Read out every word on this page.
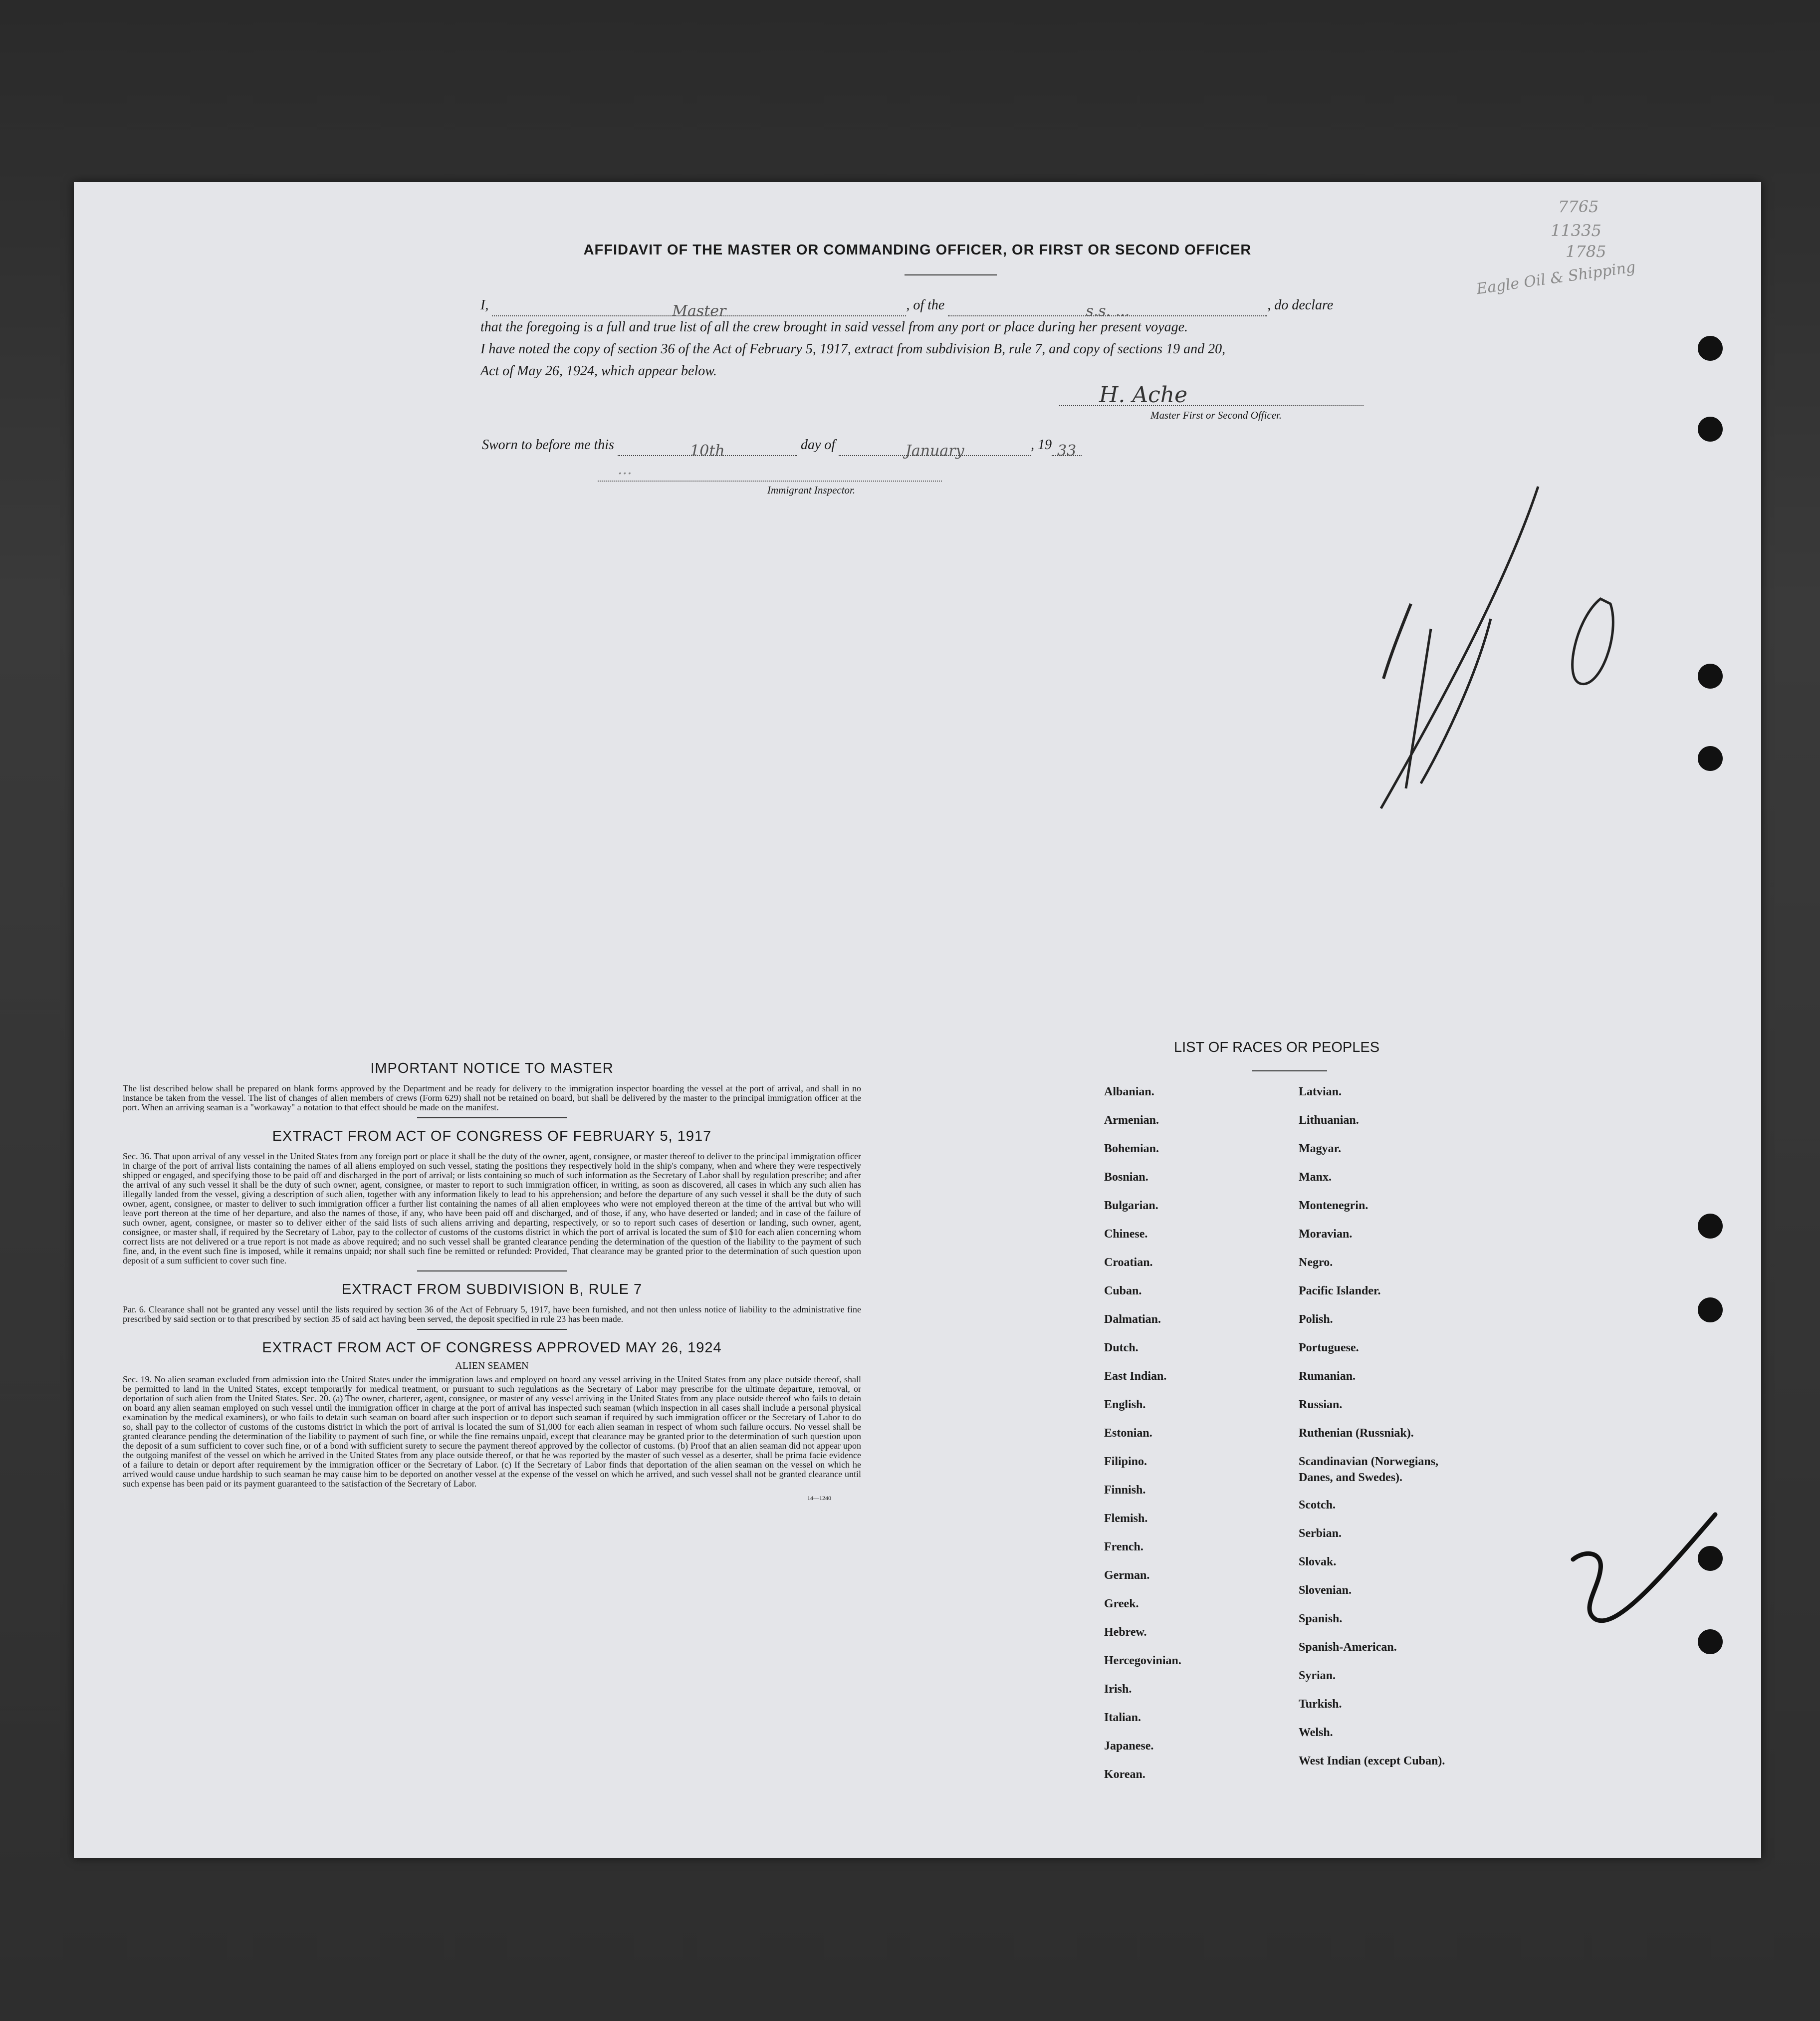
7765
11335
1785
Eagle Oil & Shipping
AFFIDAVIT OF THE MASTER OR COMMANDING OFFICER, OR FIRST OR SECOND OFFICER

I,	Master	, of the	s.s. ...	, do declare

that the foregoing is a full and true list of all the crew brought in said vessel from any port or place during her present voyage.

I have noted the copy of section 36 of the Act of February 5, 1917, extract from subdivision B, rule 7, and copy of sections 19 and 20,

Act of May 26, 1924, which appear below.

H. Ache
Master First or Second Officer.
Sworn to before me this	10th	day of	January	, 19 33
...
Immigrant Inspector.
IMPORTANT NOTICE TO MASTER

The list described below shall be prepared on blank forms approved by the Department and be ready for delivery to the immigration inspector boarding the vessel at the port of arrival, and shall in no instance be taken from the vessel. The list of changes of alien members of crews (Form 629) shall not be retained on board, but shall be delivered by the master to the principal immigration officer at the port. When an arriving seaman is a "workaway" a notation to that effect should be made on the manifest.

EXTRACT FROM ACT OF CONGRESS OF FEBRUARY 5, 1917

Sec. 36. That upon arrival of any vessel in the United States from any foreign port or place it shall be the duty of the owner, agent, consignee, or master thereof to deliver to the principal immigration officer in charge of the port of arrival lists containing the names of all aliens employed on such vessel, stating the positions they respectively hold in the ship's company, when and where they were respectively shipped or engaged, and specifying those to be paid off and discharged in the port of arrival; or lists containing so much of such information as the Secretary of Labor shall by regulation prescribe; and after the arrival of any such vessel it shall be the duty of such owner, agent, consignee, or master to report to such immigration officer, in writing, as soon as discovered, all cases in which any such alien has illegally landed from the vessel, giving a description of such alien, together with any information likely to lead to his apprehension; and before the departure of any such vessel it shall be the duty of such owner, agent, consignee, or master to deliver to such immigration officer a further list containing the names of all alien employees who were not employed thereon at the time of the arrival but who will leave port thereon at the time of her departure, and also the names of those, if any, who have been paid off and discharged, and of those, if any, who have deserted or landed; and in case of the failure of such owner, agent, consignee, or master so to deliver either of the said lists of such aliens arriving and departing, respectively, or so to report such cases of desertion or landing, such owner, agent, consignee, or master shall, if required by the Secretary of Labor, pay to the collector of customs of the customs district in which the port of arrival is located the sum of $10 for each alien concerning whom correct lists are not delivered or a true report is not made as above required; and no such vessel shall be granted clearance pending the determination of the question of the liability to the payment of such fine, and, in the event such fine is imposed, while it remains unpaid; nor shall such fine be remitted or refunded: Provided, That clearance may be granted prior to the determination of such question upon deposit of a sum sufficient to cover such fine.

EXTRACT FROM SUBDIVISION B, RULE 7

Par. 6. Clearance shall not be granted any vessel until the lists required by section 36 of the Act of February 5, 1917, have been furnished, and not then unless notice of liability to the administrative fine prescribed by said section or to that prescribed by section 35 of said act having been served, the deposit specified in rule 23 has been made.

EXTRACT FROM ACT OF CONGRESS APPROVED MAY 26, 1924
ALIEN SEAMEN

Sec. 19. No alien seaman excluded from admission into the United States under the immigration laws and employed on board any vessel arriving in the United States from any place outside thereof, shall be permitted to land in the United States, except temporarily for medical treatment, or pursuant to such regulations as the Secretary of Labor may prescribe for the ultimate departure, removal, or deportation of such alien from the United States. Sec. 20. (a) The owner, charterer, agent, consignee, or master of any vessel arriving in the United States from any place outside thereof who fails to detain on board any alien seaman employed on such vessel until the immigration officer in charge at the port of arrival has inspected such seaman (which inspection in all cases shall include a personal physical examination by the medical examiners), or who fails to detain such seaman on board after such inspection or to deport such seaman if required by such immigration officer or the Secretary of Labor to do so, shall pay to the collector of customs of the customs district in which the port of arrival is located the sum of $1,000 for each alien seaman in respect of whom such failure occurs. No vessel shall be granted clearance pending the determination of the liability to payment of such fine, or while the fine remains unpaid, except that clearance may be granted prior to the determination of such question upon the deposit of a sum sufficient to cover such fine, or of a bond with sufficient surety to secure the payment thereof approved by the collector of customs. (b) Proof that an alien seaman did not appear upon the outgoing manifest of the vessel on which he arrived in the United States from any place outside thereof, or that he was reported by the master of such vessel as a deserter, shall be prima facie evidence of a failure to detain or deport after requirement by the immigration officer or the Secretary of Labor. (c) If the Secretary of Labor finds that deportation of the alien seaman on the vessel on which he arrived would cause undue hardship to such seaman he may cause him to be deported on another vessel at the expense of the vessel on which he arrived, and such vessel shall not be granted clearance until such expense has been paid or its payment guaranteed to the satisfaction of the Secretary of Labor.

14—1240
LIST OF RACES OR PEOPLES
Albanian.
Armenian.
Bohemian.
Bosnian.
Bulgarian.
Chinese.
Croatian.
Cuban.
Dalmatian.
Dutch.
East Indian.
English.
Estonian.
Filipino.
Finnish.
Flemish.
French.
German.
Greek.
Hebrew.
Hercegovinian.
Irish.
Italian.
Japanese.
Korean.
Latvian.
Lithuanian.
Magyar.
Manx.
Montenegrin.
Moravian.
Negro.
Pacific Islander.
Polish.
Portuguese.
Rumanian.
Russian.
Ruthenian (Russniak).
Scandinavian (Norwegians,
Danes, and Swedes).
Scotch.
Serbian.
Slovak.
Slovenian.
Spanish.
Spanish-American.
Syrian.
Turkish.
Welsh.
West Indian (except Cuban).
